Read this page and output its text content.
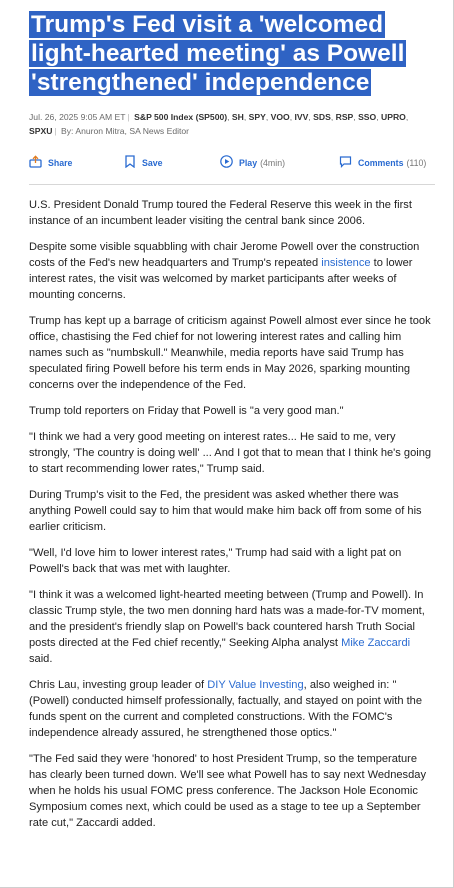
Trump's Fed visit a 'welcomed light-hearted meeting' as Powell 'strengthened' independence
Jul. 26, 2025 9:05 AM ET | S&P 500 Index (SP500), SH, SPY, VOO, IVV, SDS, RSP, SSO, UPRO, SPXU | By: Anuron Mitra, SA News Editor
Share	Save	Play (4min)	Comments (110)

U.S. President Donald Trump toured the Federal Reserve this week in the first instance of an incumbent leader visiting the central bank since 2006.

Despite some visible squabbling with chair Jerome Powell over the construction costs of the Fed's new headquarters and Trump's repeated insistence to lower interest rates, the visit was welcomed by market participants after weeks of mounting concerns.

Trump has kept up a barrage of criticism against Powell almost ever since he took office, chastising the Fed chief for not lowering interest rates and calling him names such as "numbskull." Meanwhile, media reports have said Trump has speculated firing Powell before his term ends in May 2026, sparking mounting concerns over the independence of the Fed.

Trump told reporters on Friday that Powell is "a very good man."

"I think we had a very good meeting on interest rates... He said to me, very strongly, 'The country is doing well' ... And I got that to mean that I think he's going to start recommending lower rates," Trump said.

During Trump's visit to the Fed, the president was asked whether there was anything Powell could say to him that would make him back off from some of his earlier criticism.

"Well, I'd love him to lower interest rates," Trump had said with a light pat on Powell's back that was met with laughter.

"I think it was a welcomed light-hearted meeting between (Trump and Powell). In classic Trump style, the two men donning hard hats was a made-for-TV moment, and the president's friendly slap on Powell's back countered harsh Truth Social posts directed at the Fed chief recently," Seeking Alpha analyst Mike Zaccardi said.

Chris Lau, investing group leader of DIY Value Investing, also weighed in: "(Powell) conducted himself professionally, factually, and stayed on point with the funds spent on the current and completed constructions. With the FOMC's independence already assured, he strengthened those optics."

"The Fed said they were 'honored' to host President Trump, so the temperature has clearly been turned down. We'll see what Powell has to say next Wednesday when he holds his usual FOMC press conference. The Jackson Hole Economic Symposium comes next, which could be used as a stage to tee up a September rate cut," Zaccardi added.
